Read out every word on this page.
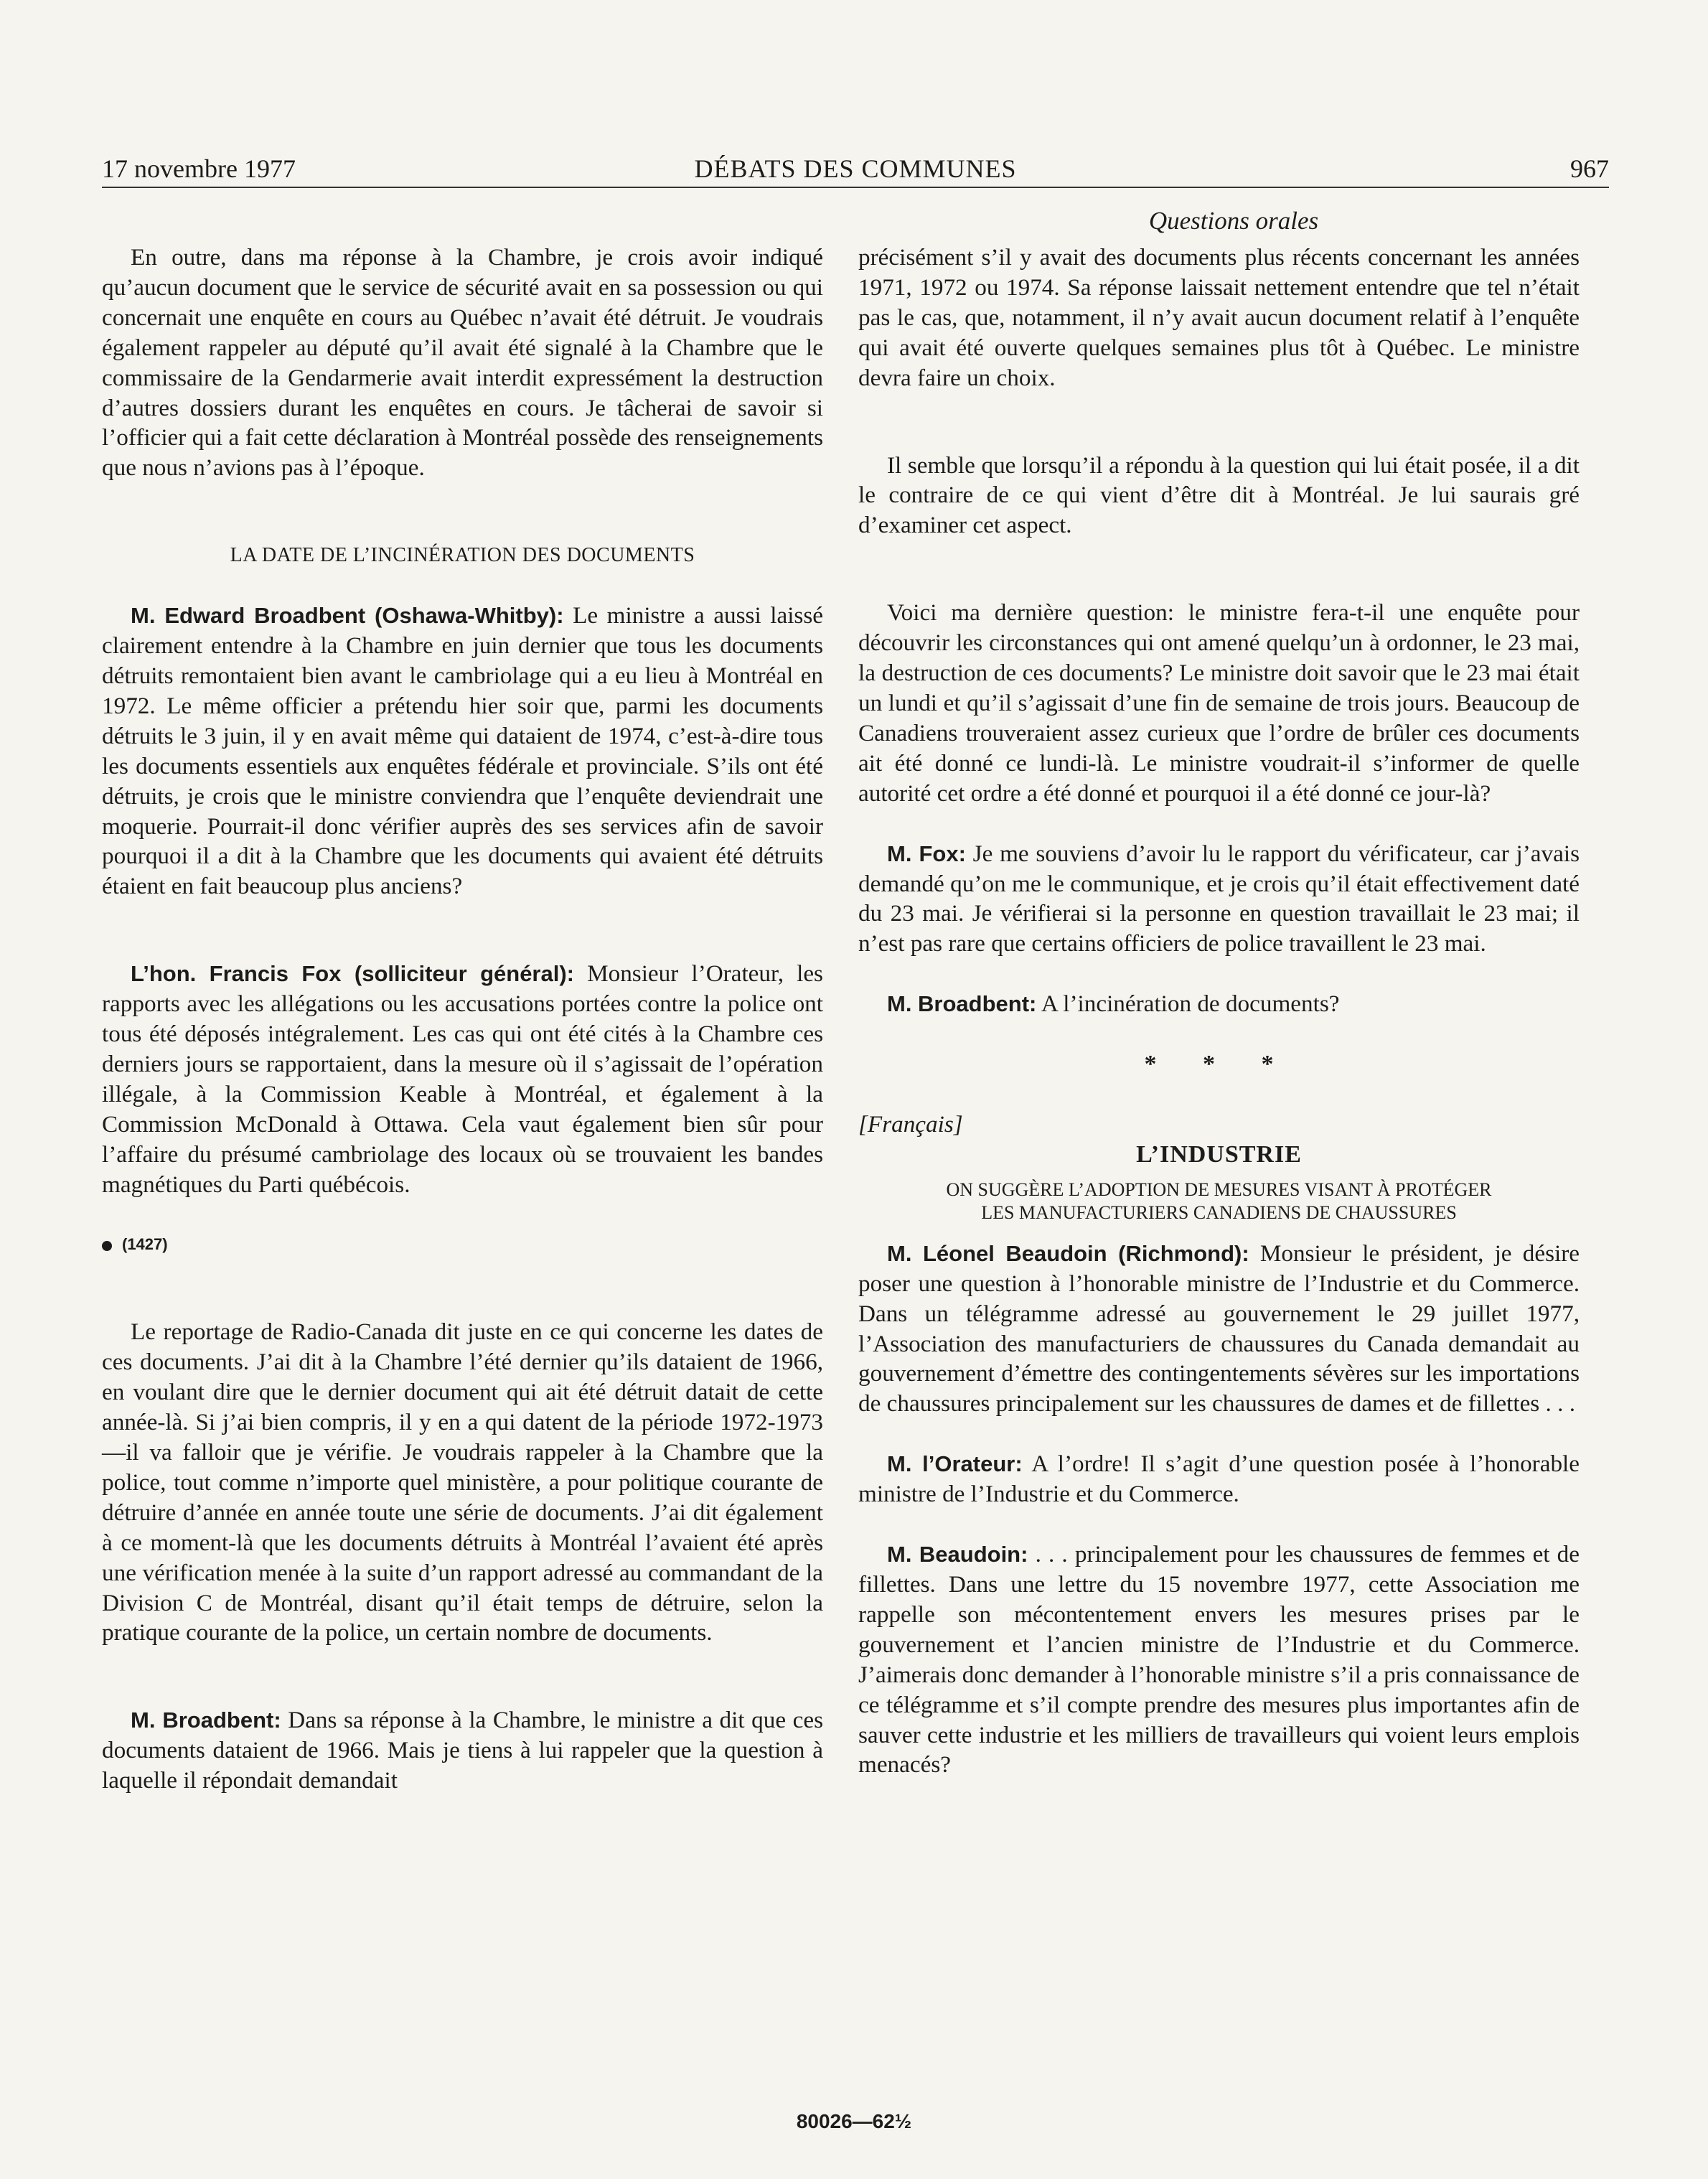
17 novembre 1977	DÉBATS DES COMMUNES	967
Questions orales

En outre, dans ma réponse à la Chambre, je crois avoir indiqué qu’aucun document que le service de sécurité avait en sa possession ou qui concernait une enquête en cours au Québec n’avait été détruit. Je voudrais également rappeler au député qu’il avait été signalé à la Chambre que le commissaire de la Gendarmerie avait interdit expressément la destruction d’autres dossiers durant les enquêtes en cours. Je tâcherai de savoir si l’officier qui a fait cette déclaration à Montréal possède des renseignements que nous n’avions pas à l’époque.

LA DATE DE L’INCINÉRATION DES DOCUMENTS

M. Edward Broadbent (Oshawa-Whitby): Le ministre a aussi laissé clairement entendre à la Chambre en juin dernier que tous les documents détruits remontaient bien avant le cambriolage qui a eu lieu à Montréal en 1972. Le même officier a prétendu hier soir que, parmi les documents détruits le 3 juin, il y en avait même qui dataient de 1974, c’est-à-dire tous les documents essentiels aux enquêtes fédérale et provinciale. S’ils ont été détruits, je crois que le ministre conviendra que l’enquête deviendrait une moquerie. Pourrait-il donc vérifier auprès des ses services afin de savoir pourquoi il a dit à la Chambre que les documents qui avaient été détruits étaient en fait beaucoup plus anciens?

L’hon. Francis Fox (solliciteur général): Monsieur l’Orateur, les rapports avec les allégations ou les accusations portées contre la police ont tous été déposés intégralement. Les cas qui ont été cités à la Chambre ces derniers jours se rapportaient, dans la mesure où il s’agissait de l’opération illégale, à la Commission Keable à Montréal, et également à la Commission McDonald à Ottawa. Cela vaut également bien sûr pour l’affaire du présumé cambriolage des locaux où se trouvaient les bandes magnétiques du Parti québécois.

(1427)

Le reportage de Radio-Canada dit juste en ce qui concerne les dates de ces documents. J’ai dit à la Chambre l’été dernier qu’ils dataient de 1966, en voulant dire que le dernier document qui ait été détruit datait de cette année-là. Si j’ai bien compris, il y en a qui datent de la période 1972-1973—il va falloir que je vérifie. Je voudrais rappeler à la Chambre que la police, tout comme n’importe quel ministère, a pour politique courante de détruire d’année en année toute une série de documents. J’ai dit également à ce moment-là que les documents détruits à Montréal l’avaient été après une vérification menée à la suite d’un rapport adressé au commandant de la Division C de Montréal, disant qu’il était temps de détruire, selon la pratique courante de la police, un certain nombre de documents.

M. Broadbent: Dans sa réponse à la Chambre, le ministre a dit que ces documents dataient de 1966. Mais je tiens à lui rappeler que la question à laquelle il répondait demandait

précisément s’il y avait des documents plus récents concernant les années 1971, 1972 ou 1974. Sa réponse laissait nettement entendre que tel n’était pas le cas, que, notamment, il n’y avait aucun document relatif à l’enquête qui avait été ouverte quelques semaines plus tôt à Québec. Le ministre devra faire un choix.

Il semble que lorsqu’il a répondu à la question qui lui était posée, il a dit le contraire de ce qui vient d’être dit à Montréal. Je lui saurais gré d’examiner cet aspect.

Voici ma dernière question: le ministre fera-t-il une enquête pour découvrir les circonstances qui ont amené quelqu’un à ordonner, le 23 mai, la destruction de ces documents? Le ministre doit savoir que le 23 mai était un lundi et qu’il s’agissait d’une fin de semaine de trois jours. Beaucoup de Canadiens trouveraient assez curieux que l’ordre de brûler ces documents ait été donné ce lundi-là. Le ministre voudrait-il s’informer de quelle autorité cet ordre a été donné et pourquoi il a été donné ce jour-là?

M. Fox: Je me souviens d’avoir lu le rapport du vérificateur, car j’avais demandé qu’on me le communique, et je crois qu’il était effectivement daté du 23 mai. Je vérifierai si la personne en question travaillait le 23 mai; il n’est pas rare que certains officiers de police travaillent le 23 mai.

M. Broadbent: A l’incinération de documents?

* * *

[Français]

L’INDUSTRIE
ON SUGGÈRE L’ADOPTION DE MESURES VISANT À PROTÉGER
LES MANUFACTURIERS CANADIENS DE CHAUSSURES

M. Léonel Beaudoin (Richmond): Monsieur le président, je désire poser une question à l’honorable ministre de l’Industrie et du Commerce. Dans un télégramme adressé au gouvernement le 29 juillet 1977, l’Association des manufacturiers de chaussures du Canada demandait au gouvernement d’émettre des contingentements sévères sur les importations de chaussures principalement sur les chaussures de dames et de fillettes . . .

M. l’Orateur: A l’ordre! Il s’agit d’une question posée à l’honorable ministre de l’Industrie et du Commerce.

M. Beaudoin: . . . principalement pour les chaussures de femmes et de fillettes. Dans une lettre du 15 novembre 1977, cette Association me rappelle son mécontentement envers les mesures prises par le gouvernement et l’ancien ministre de l’Industrie et du Commerce. J’aimerais donc demander à l’honorable ministre s’il a pris connaissance de ce télégramme et s’il compte prendre des mesures plus importantes afin de sauver cette industrie et les milliers de travailleurs qui voient leurs emplois menacés?

80026—62½
